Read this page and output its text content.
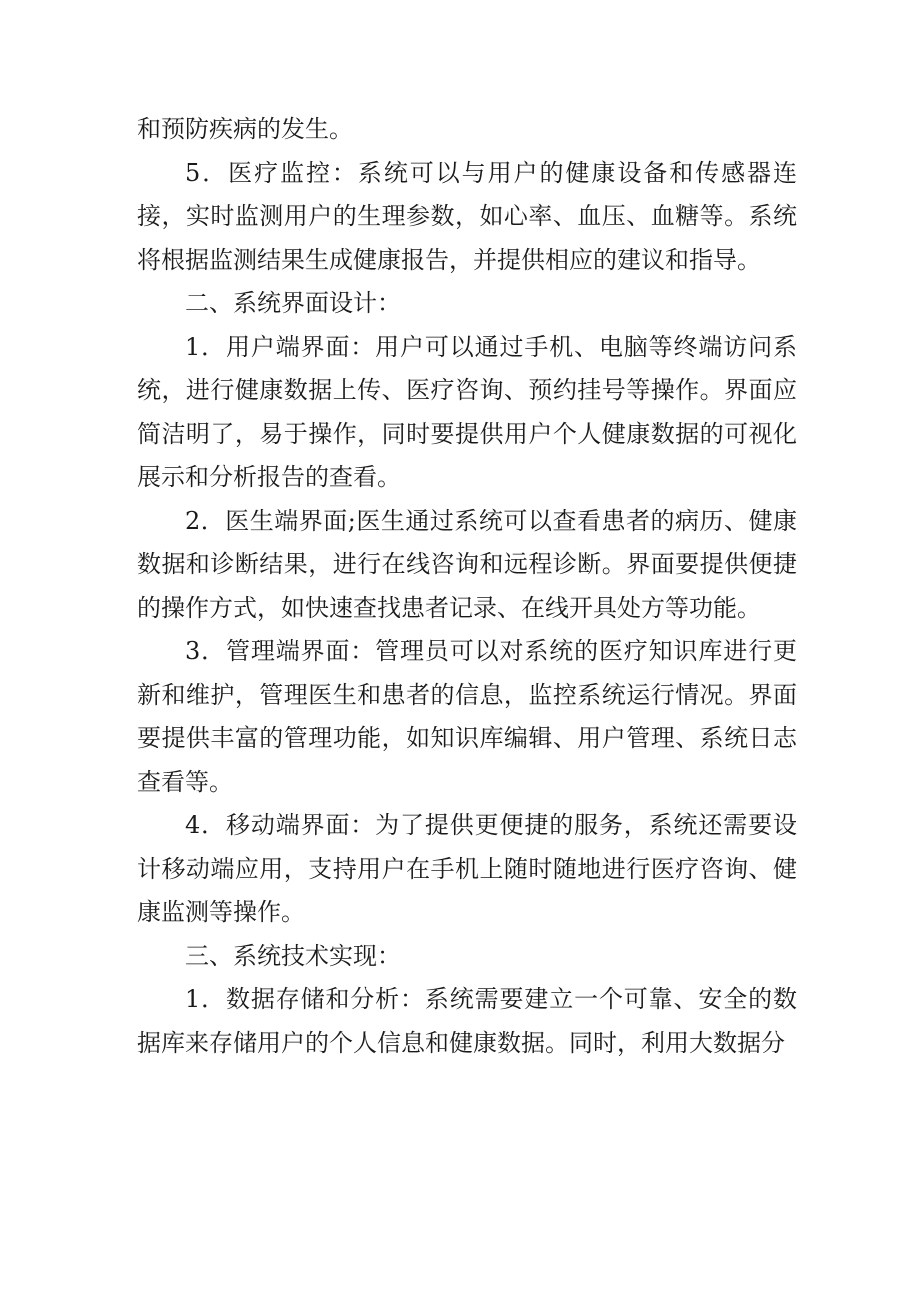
和预防疾病的发生。

5．医疗监控：系统可以与用户的健康设备和传感器连接，实时监测用户的生理参数，如心率、血压、血糖等。系统将根据监测结果生成健康报告，并提供相应的建议和指导。

二、系统界面设计：

1．用户端界面：用户可以通过手机、电脑等终端访问系统，进行健康数据上传、医疗咨询、预约挂号等操作。界面应简洁明了，易于操作，同时要提供用户个人健康数据的可视化展示和分析报告的查看。

2．医生端界面;医生通过系统可以查看患者的病历、健康数据和诊断结果，进行在线咨询和远程诊断。界面要提供便捷的操作方式，如快速查找患者记录、在线开具处方等功能。

3．管理端界面：管理员可以对系统的医疗知识库进行更新和维护，管理医生和患者的信息，监控系统运行情况。界面要提供丰富的管理功能，如知识库编辑、用户管理、系统日志查看等。

4．移动端界面：为了提供更便捷的服务，系统还需要设计移动端应用，支持用户在手机上随时随地进行医疗咨询、健康监测等操作。

三、系统技术实现：

1．数据存储和分析：系统需要建立一个可靠、安全的数据库来存储用户的个人信息和健康数据。同时，利用大数据分
